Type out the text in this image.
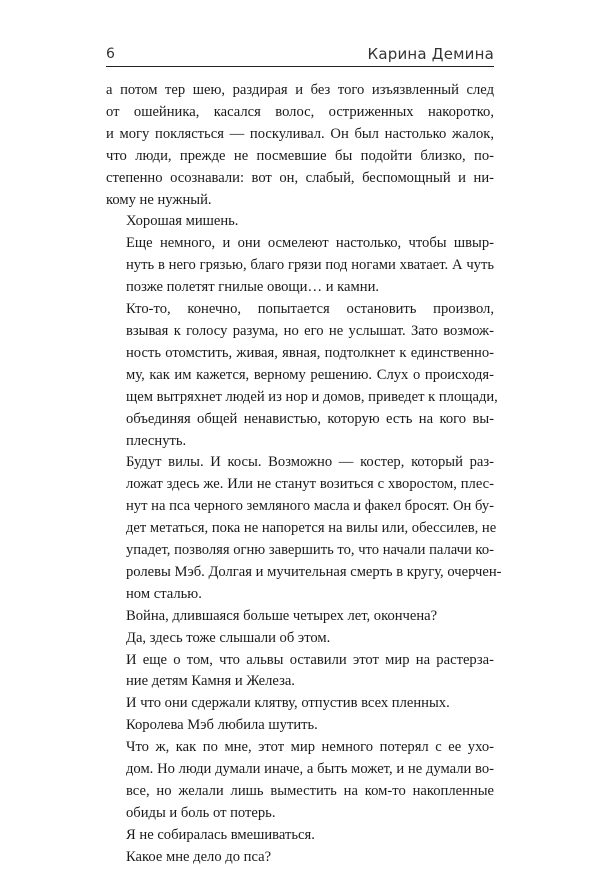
6	Карина Демина

а потом тер шею, раздирая и без того изъязвленный след
от ошейника, касался волос, остриженных накоротко,
и могу поклясться — поскуливал. Он был настолько жалок,
что люди, прежде не посмевшие бы подойти близко, по-
степенно осознавали: вот он, слабый, беспомощный и ни-
кому не нужный.

Хорошая мишень.

Еще немного, и они осмелеют настолько, чтобы швыр-
нуть в него грязью, благо грязи под ногами хватает. А чуть
позже полетят гнилые овощи… и камни.

Кто-то, конечно, попытается остановить произвол,
взывая к голосу разума, но его не услышат. Зато возмож-
ность отомстить, живая, явная, подтолкнет к единственно-
му, как им кажется, верному решению. Слух о происходя-
щем вытряхнет людей из нор и домов, приведет к площади,
объединяя общей ненавистью, которую есть на кого вы-
плеснуть.

Будут вилы. И косы. Возможно — костер, который раз-
ложат здесь же. Или не станут возиться с хворостом, плес-
нут на пса черного земляного масла и факел бросят. Он бу-
дет метаться, пока не напорется на вилы или, обессилев, не
упадет, позволяя огню завершить то, что начали палачи ко-
ролевы Мэб. Долгая и мучительная смерть в кругу, очерчен-
ном сталью.

Война, длившаяся больше четырех лет, окончена?

Да, здесь тоже слышали об этом.

И еще о том, что альвы оставили этот мир на растерза-
ние детям Камня и Железа.

И что они сдержали клятву, отпустив всех пленных.

Королева Мэб любила шутить.

Что ж, как по мне, этот мир немного потерял с ее ухо-
дом. Но люди думали иначе, а быть может, и не думали во-
все, но желали лишь выместить на ком-то накопленные
обиды и боль от потерь.

Я не собиралась вмешиваться.

Какое мне дело до пса?
